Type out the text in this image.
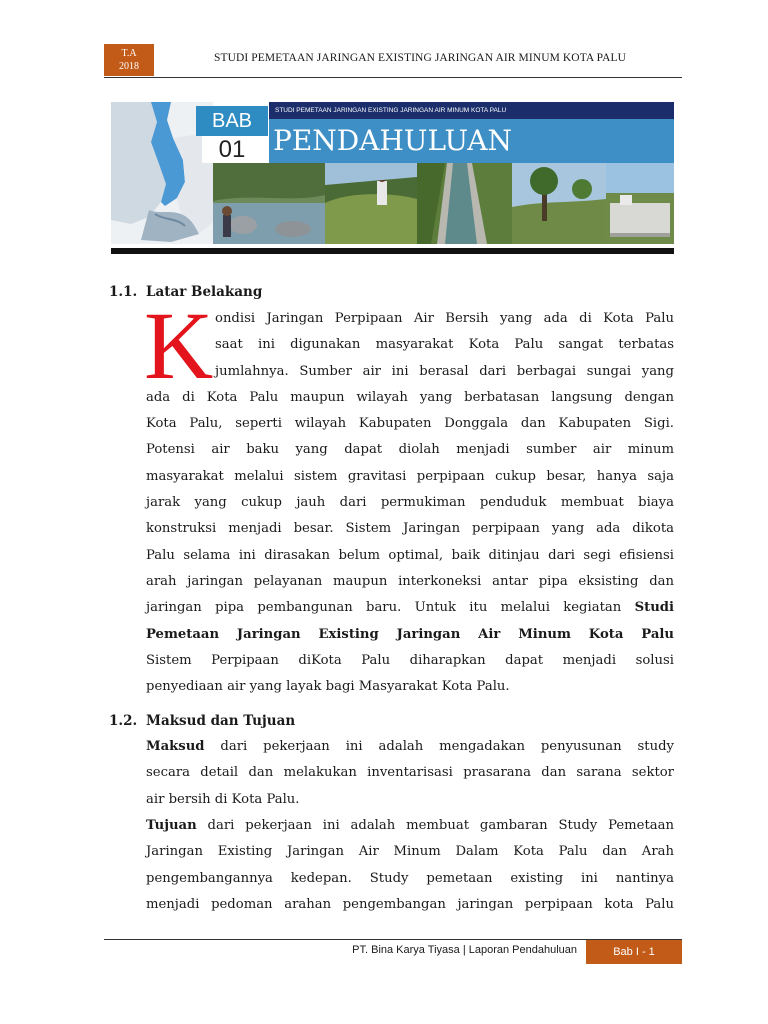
T.A
2018
STUDI PEMETAAN JARINGAN EXISTING JARINGAN AIR MINUM KOTA PALU
STUDI PEMETAAN JARINGAN EXISTING JARINGAN AIR MINUM KOTA PALU
BAB
01 PENDAHULUAN
1.1. Latar Belakang
K ondisi Jaringan Perpipaan Air Bersih yang ada di Kota Palu
saat ini digunakan masyarakat Kota Palu sangat terbatas
jumlahnya. Sumber air ini berasal dari berbagai sungai yang
ada di Kota Palu maupun wilayah yang berbatasan langsung dengan
Kota Palu, seperti wilayah Kabupaten Donggala dan Kabupaten Sigi.
Potensi air baku yang dapat diolah menjadi sumber air minum
masyarakat melalui sistem gravitasi perpipaan cukup besar, hanya saja
jarak yang cukup jauh dari permukiman penduduk membuat biaya
konstruksi menjadi besar. Sistem Jaringan perpipaan yang ada dikota
Palu selama ini dirasakan belum optimal, baik ditinjau dari segi efisiensi
arah jaringan pelayanan maupun interkoneksi antar pipa eksisting dan
jaringan pipa pembangunan baru. Untuk itu melalui kegiatan Studi
Pemetaan Jaringan Existing Jaringan Air Minum Kota Palu
Sistem Perpipaan diKota Palu diharapkan dapat menjadi solusi
penyediaan air yang layak bagi Masyarakat Kota Palu.
1.2. Maksud dan Tujuan
Maksud dari pekerjaan ini adalah mengadakan penyusunan study
secara detail dan melakukan inventarisasi prasarana dan sarana sektor
air bersih di Kota Palu.
Tujuan dari pekerjaan ini adalah membuat gambaran Study Pemetaan
Jaringan Existing Jaringan Air Minum Dalam Kota Palu dan Arah
pengembangannya kedepan. Study pemetaan existing ini nantinya
menjadi pedoman arahan pengembangan jaringan perpipaan kota Palu
PT. Bina Karya Tiyasa | Laporan Pendahuluan	Bab I - 1
